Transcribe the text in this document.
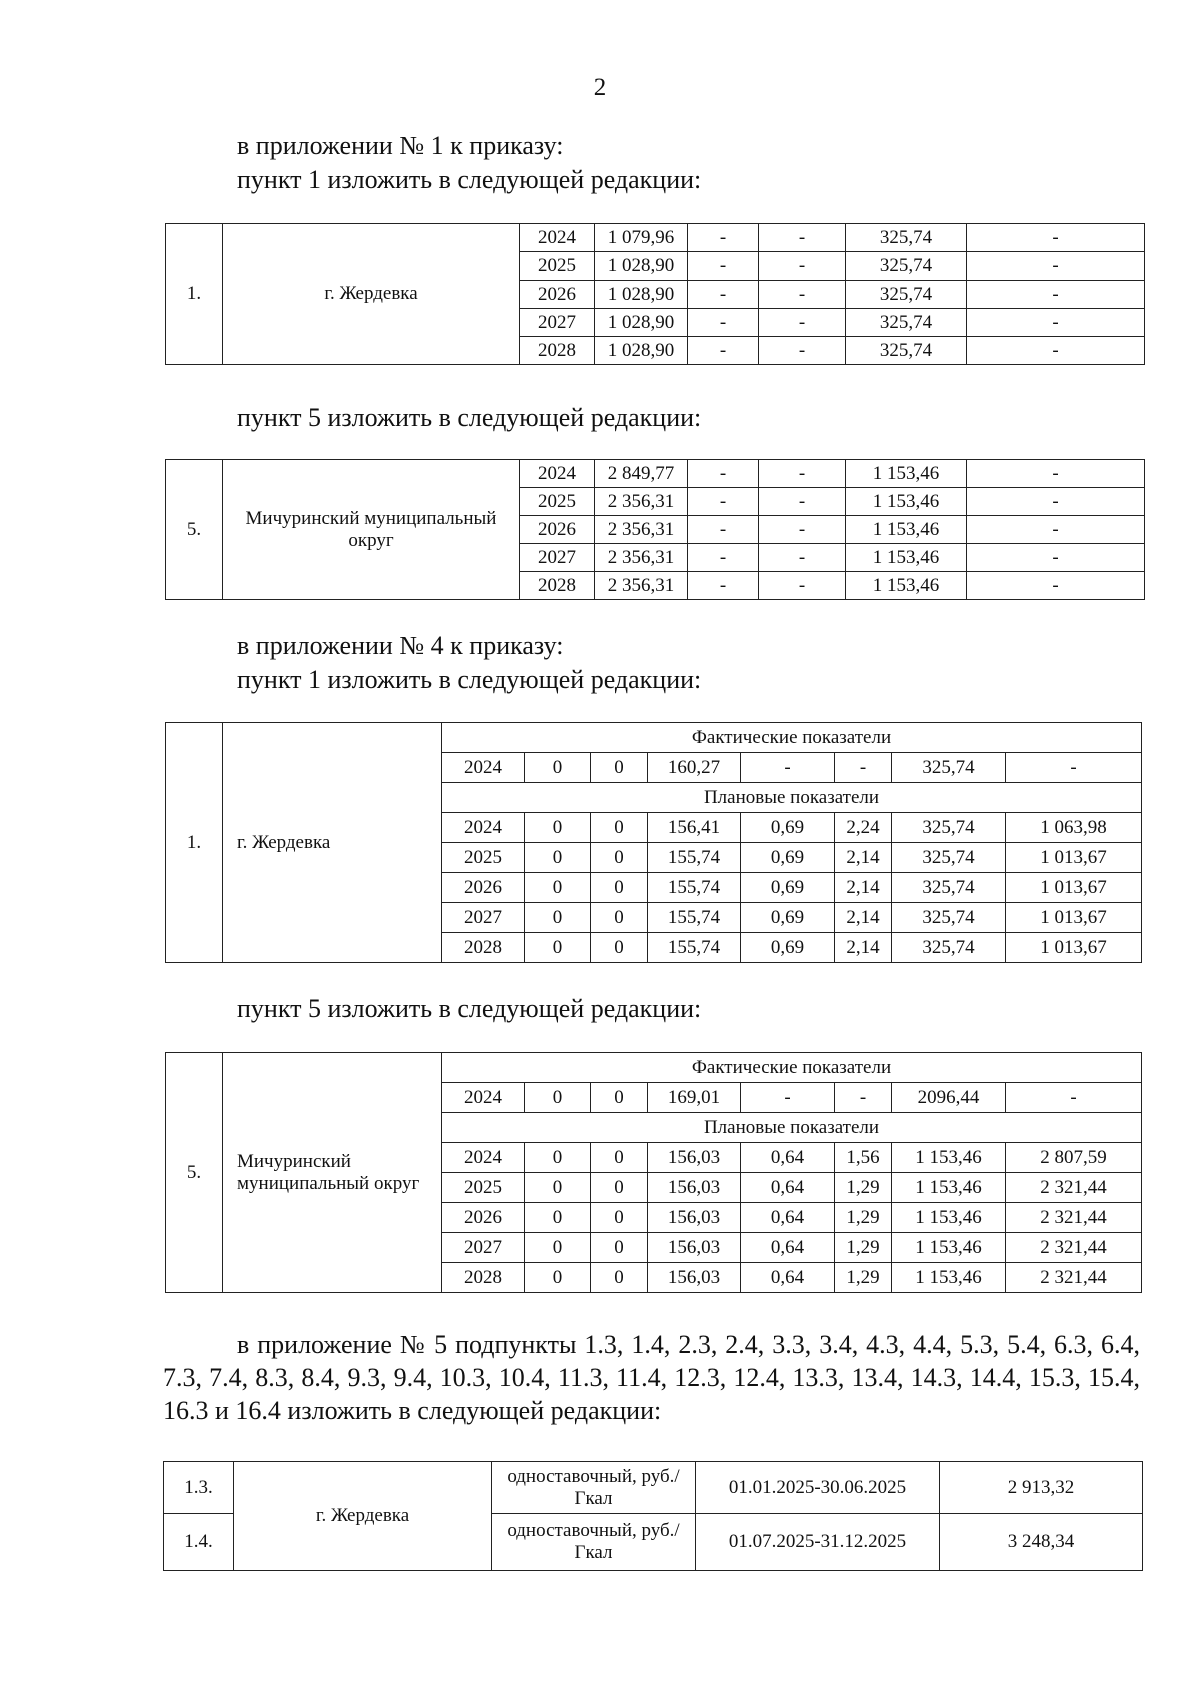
2

в приложении № 1 к приказу:

пункт 1 изложить в следующей редакции:

1.	г. Жердевка	2024	1 079,96	-	-	325,74	-
		2025	1 028,90	-	-	325,74	-
		2026	1 028,90	-	-	325,74	-
		2027	1 028,90	-	-	325,74	-
		2028	1 028,90	-	-	325,74	-
пункт 5 изложить в следующей редакции:
5.	Мичуринский муниципальный округ	2024	2 849,77	-	-	1 153,46	-
		2025	2 356,31	-	-	1 153,46	-
		2026	2 356,31	-	-	1 153,46	-
		2027	2 356,31	-	-	1 153,46	-
		2028	2 356,31	-	-	1 153,46	-

в приложении № 4 к приказу:

пункт 1 изложить в следующей редакции:

1.	г. Жердевка	Фактические показатели							
		2024	0	0	160,27	-	-	325,74	-
		Плановые показатели							
		2024	0	0	156,41	0,69	2,24	325,74	1 063,98
		2025	0	0	155,74	0,69	2,14	325,74	1 013,67
		2026	0	0	155,74	0,69	2,14	325,74	1 013,67
		2027	0	0	155,74	0,69	2,14	325,74	1 013,67
		2028	0	0	155,74	0,69	2,14	325,74	1 013,67
пункт 5 изложить в следующей редакции:
5.	Мичуринский муниципальный округ	Фактические показатели							
		2024	0	0	169,01	-	-	2096,44	-
		Плановые показатели							
		2024	0	0	156,03	0,64	1,56	1 153,46	2 807,59
		2025	0	0	156,03	0,64	1,29	1 153,46	2 321,44
		2026	0	0	156,03	0,64	1,29	1 153,46	2 321,44
		2027	0	0	156,03	0,64	1,29	1 153,46	2 321,44
		2028	0	0	156,03	0,64	1,29	1 153,46	2 321,44

в приложение № 5 подпункты 1.3, 1.4, 2.3, 2.4, 3.3, 3.4, 4.3, 4.4, 5.3, 5.4, 6.3, 6.4, 7.3, 7.4, 8.3, 8.4, 9.3, 9.4, 10.3, 10.4, 11.3, 11.4, 12.3, 12.4, 13.3, 13.4, 14.3, 14.4, 15.3, 15.4, 16.3 и 16.4 изложить в следующей редакции:

1.3.	г. Жердевка	одноставочный, руб./Гкал	01.01.2025-30.06.2025	2 913,32
1.4.		одноставочный, руб./Гкал	01.07.2025-31.12.2025	3 248,34
